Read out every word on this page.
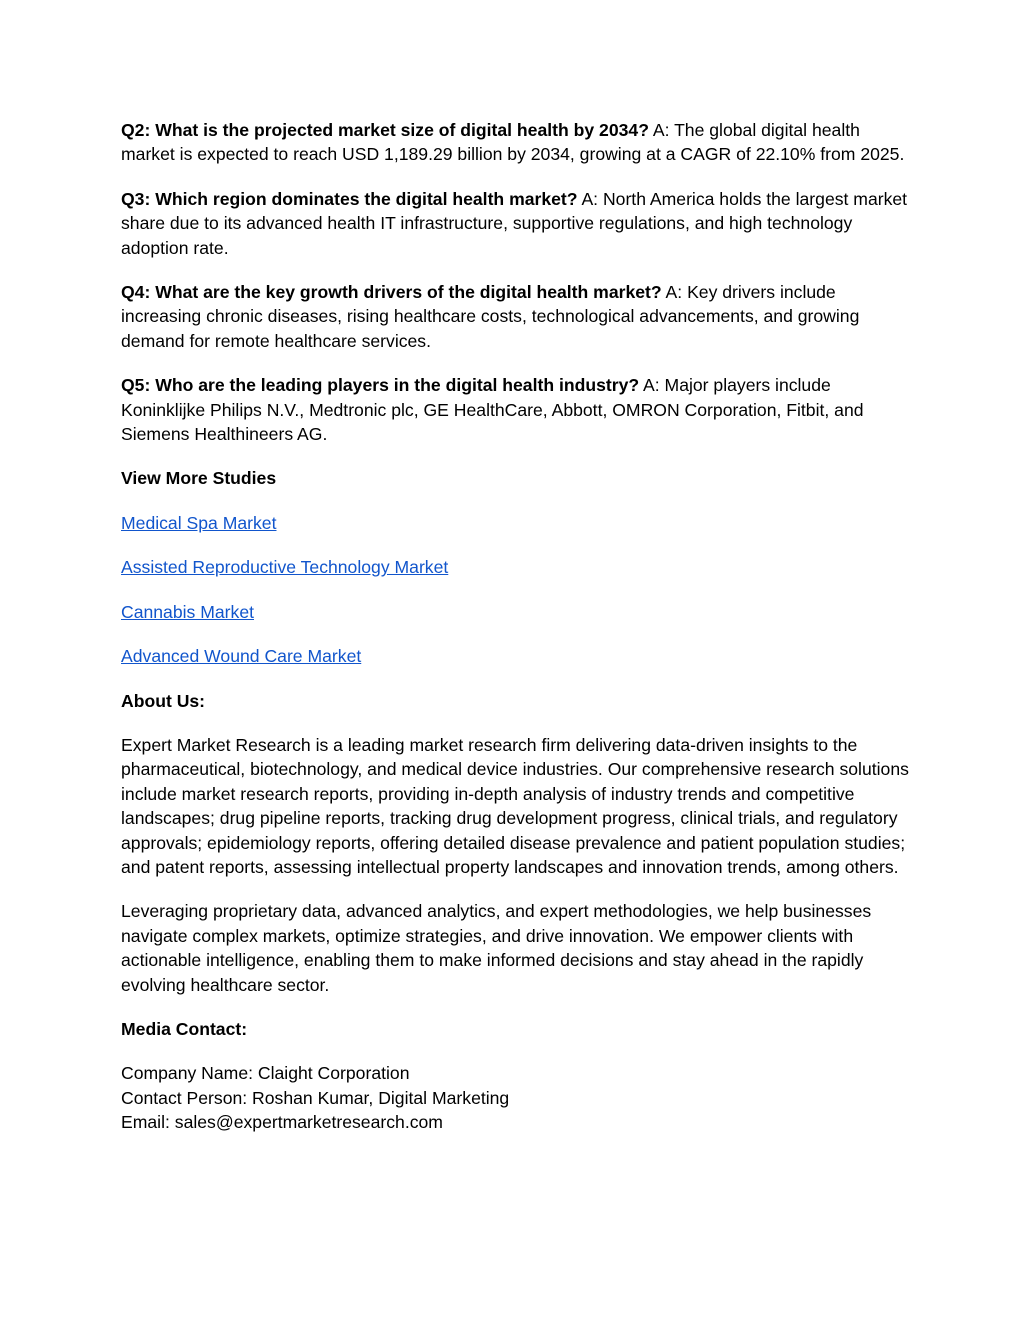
Q2: What is the projected market size of digital health by 2034? A: The global digital health market is expected to reach USD 1,189.29 billion by 2034, growing at a CAGR of 22.10% from 2025.

Q3: Which region dominates the digital health market? A: North America holds the largest market share due to its advanced health IT infrastructure, supportive regulations, and high technology adoption rate.

Q4: What are the key growth drivers of the digital health market? A: Key drivers include increasing chronic diseases, rising healthcare costs, technological advancements, and growing demand for remote healthcare services.

Q5: Who are the leading players in the digital health industry? A: Major players include Koninklijke Philips N.V., Medtronic plc, GE HealthCare, Abbott, OMRON Corporation, Fitbit, and Siemens Healthineers AG.

View More Studies

Medical Spa Market

Assisted Reproductive Technology Market

Cannabis Market

Advanced Wound Care Market

About Us:

Expert Market Research is a leading market research firm delivering data-driven insights to the pharmaceutical, biotechnology, and medical device industries. Our comprehensive research solutions include market research reports, providing in-depth analysis of industry trends and competitive landscapes; drug pipeline reports, tracking drug development progress, clinical trials, and regulatory approvals; epidemiology reports, offering detailed disease prevalence and patient population studies; and patent reports, assessing intellectual property landscapes and innovation trends, among others.

Leveraging proprietary data, advanced analytics, and expert methodologies, we help businesses navigate complex markets, optimize strategies, and drive innovation. We empower clients with actionable intelligence, enabling them to make informed decisions and stay ahead in the rapidly evolving healthcare sector.

Media Contact:

Company Name: Claight Corporation
Contact Person: Roshan Kumar, Digital Marketing
Email: sales@expertmarketresearch.com
